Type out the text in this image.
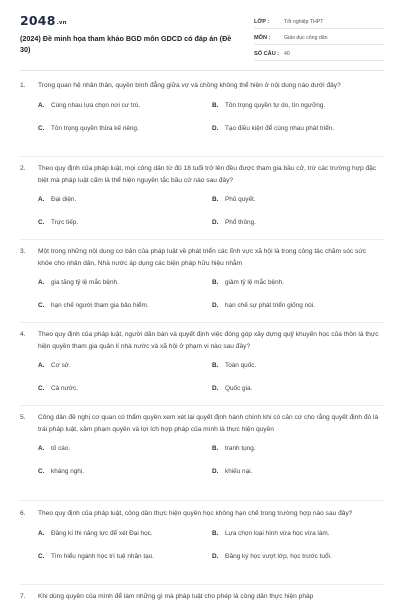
2048.vn
(2024) Đề minh họa tham khảo BGD môn GDCD có đáp án (Đề 30)
LỚP :	Tốt nghiệp THPT
MÔN :	Giáo dục công dân
SỐ CÂU : 40
1.	Trong quan hệ nhân thân, quyền bình đẳng giữa vợ và chồng không thể hiện ở nội dung nào dưới đây?
A.	Cùng nhau lựa chọn nơi cư trú.	B.	Tôn trọng quyền tự do, tín ngưỡng.
C.	Tôn trọng quyền thừa kế riêng.	D.	Tạo điều kiện để cùng nhau phát triển.
2.	Theo quy định của pháp luật, mọi công dân từ đủ 18 tuổi trở lên đều được tham gia bầu cử, trừ các trường hợp đặc biệt mà pháp luật cấm là thể hiện nguyên tắc bầu cử nào sau đây?
A.	Đại diện.	B.	Phủ quyết.
C.	Trực tiếp.	D.	Phổ thông.
3.	Một trong những nội dung cơ bản của pháp luật về phát triển các lĩnh vực xã hội là trong công tác chăm sóc sức khỏe cho nhân dân, Nhà nước áp dụng các biện pháp hữu hiệu nhằm
A.	gia tăng tỷ lệ mắc bệnh.	B.	giảm tỷ lệ mắc bệnh.
C.	hạn chế người tham gia bảo hiểm.	D.	hạn chế sự phát triển giống nòi.
4.	Theo quy định của pháp luật, người dân bàn và quyết định việc đóng góp xây dựng quỹ khuyến học của thôn là thực hiện quyền tham gia quản lí nhà nước và xã hội ở phạm vi nào sau đây?
A.	Cơ sở.	B.	Toàn quốc.
C.	Cả nước.	D.	Quốc gia.
5.	Công dân đề nghị cơ quan có thẩm quyền xem xét lại quyết định hành chính khi có căn cứ cho rằng quyết định đó là trái pháp luật, xâm phạm quyền và lợi ích hợp pháp của mình là thực hiện quyền
A.	tố cáo.	B.	tranh tụng.
C.	kháng nghị.	D.	khiếu nại.
6.	Theo quy định của pháp luật, công dân thực hiện quyền học không hạn chế trong trường hợp nào sau đây?
A.	Đăng kí thi năng lực để xét Đại học.	B.	Lựa chọn loại hình vừa học vừa làm.
C.	Tìm hiểu ngành học trí tuệ nhân tạo.	D.	Đăng ký học vượt lớp, học trước tuổi.
7.	Khi dùng quyền của mình để làm những gì mà pháp luật cho phép là công dân thực hiện pháp
